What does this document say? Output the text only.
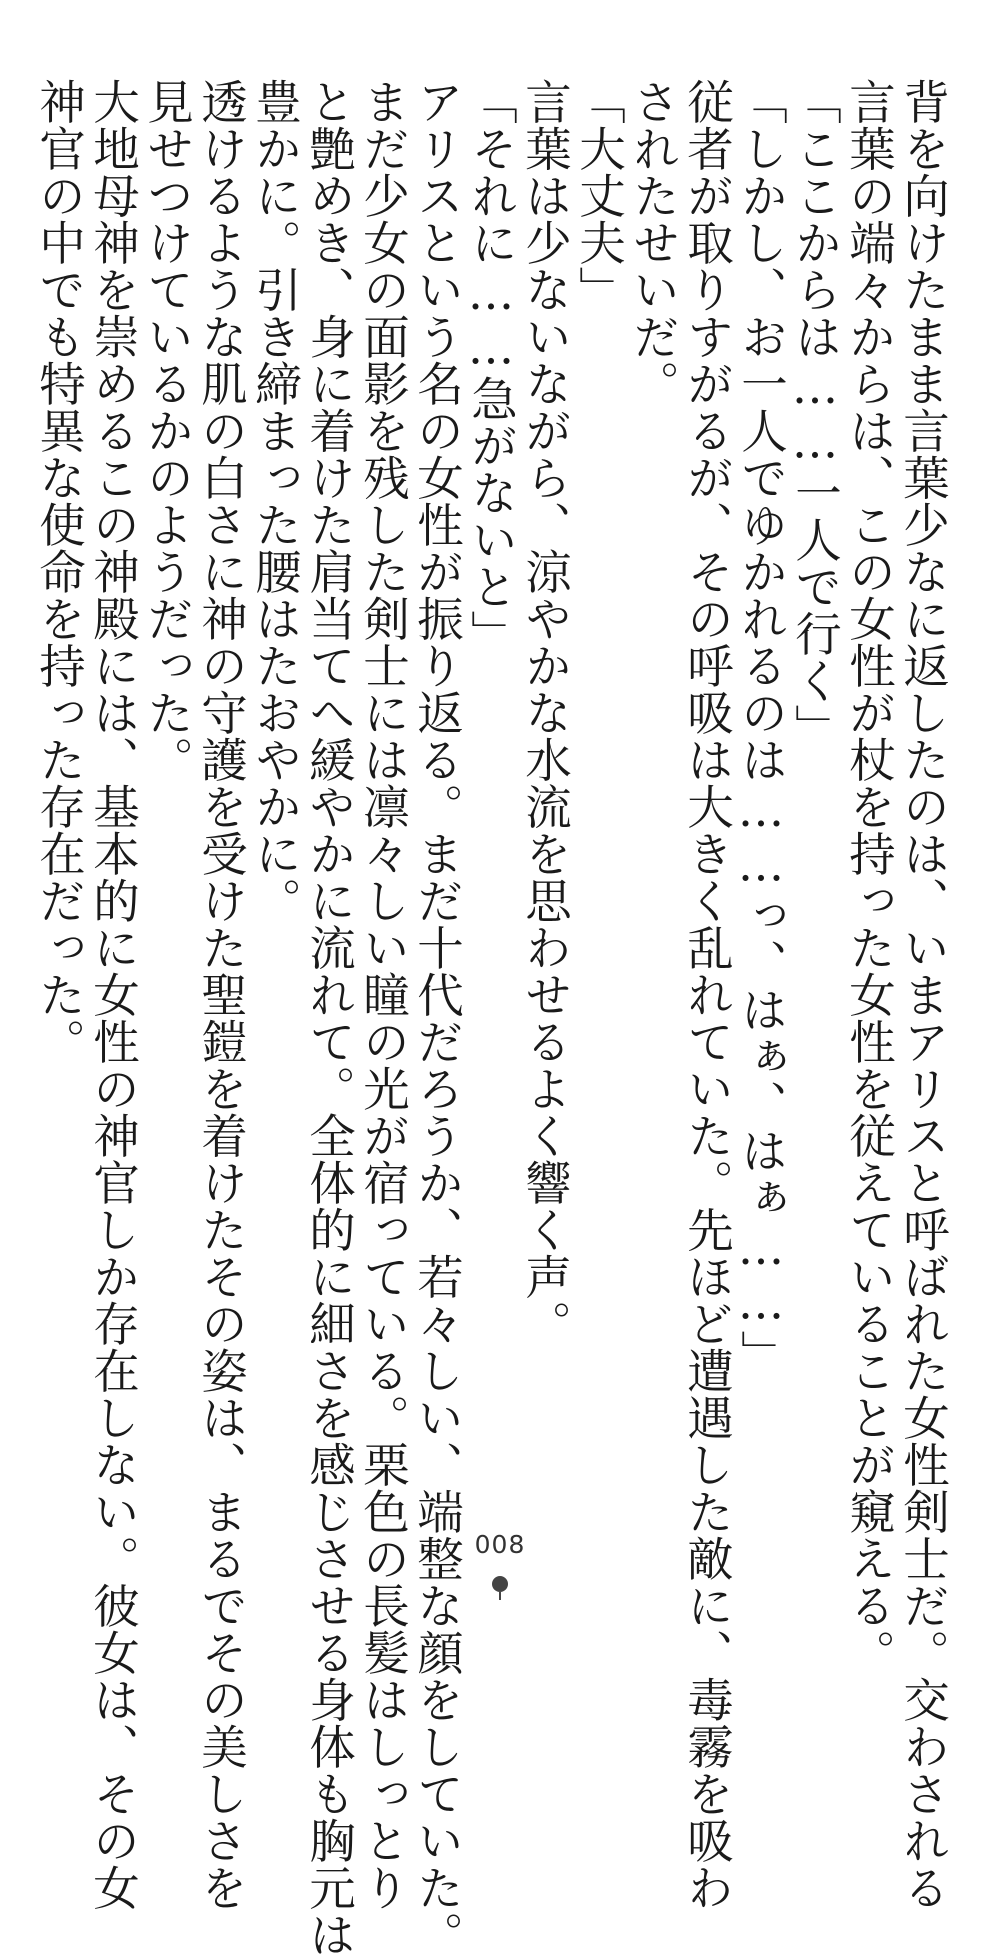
背を向けたまま言葉少なに返したのは、いまアリスと呼ばれた女性剣士だ。交わされる
言葉の端々からは、この女性が杖を持った女性を従えていることが窺える。
「ここからは……一人で行く」
「しかし、お一人でゆかれるのは……っ、はぁ、はぁ……」
従者が取りすがるが、その呼吸は大きく乱れていた。先ほど遭遇した敵に、毒霧を吸わ
されたせいだ。
「大丈夫」
言葉は少ないながら、涼やかな水流を思わせるよく響く声。
「それに……急がないと」
アリスという名の女性が振り返る。まだ十代だろうか、若々しい、端整な顔をしていた。
まだ少女の面影を残した剣士には凛々しい瞳の光が宿っている。栗色の長髪はしっとり
と艶めき、身に着けた肩当てへ緩やかに流れて。全体的に細さを感じさせる身体も胸元は
豊かに。引き締まった腰はたおやかに。
透けるような肌の白さに神の守護を受けた聖鎧を着けたその姿は、まるでその美しさを
見せつけているかのようだった。
大地母神を崇めるこの神殿には、基本的に女性の神官しか存在しない。彼女は、その女
神官の中でも特異な使命を持った存在だった。
008
